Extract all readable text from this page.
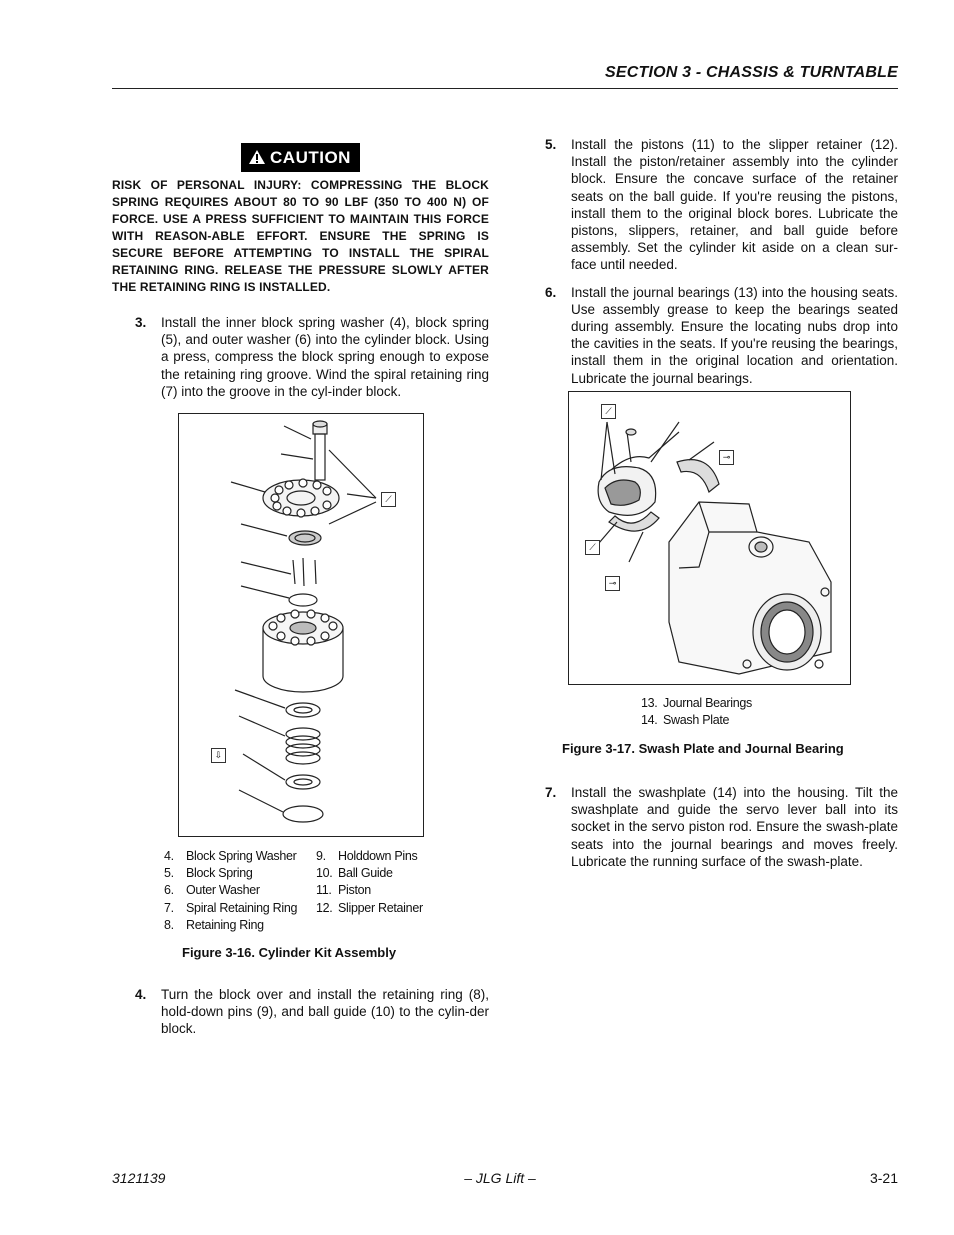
SECTION 3 - CHASSIS & TURNTABLE
CAUTION
RISK OF PERSONAL INJURY: COMPRESSING THE BLOCK SPRING REQUIRES ABOUT 80 TO 90 LBF (350 TO 400 N) OF FORCE. USE A PRESS SUFFICIENT TO MAINTAIN THIS FORCE WITH REASON-ABLE EFFORT. ENSURE THE SPRING IS SECURE BEFORE ATTEMPTING TO INSTALL THE SPIRAL RETAINING RING. RELEASE THE PRESSURE SLOWLY AFTER THE RETAINING RING IS INSTALLED.
3. Install the inner block spring washer (4), block spring (5), and outer washer (6) into the cylinder block. Using a press, compress the block spring enough to expose the retaining ring groove. Wind the spiral retaining ring (7) into the groove in the cyl-inder block.
⟋
⇩
4. Block Spring Washer
5. Block Spring
6. Outer Washer
7. Spiral Retaining Ring
8. Retaining Ring
9. Holddown Pins
10. Ball Guide
11. Piston
12. Slipper Retainer
Figure 3-16. Cylinder Kit Assembly
4. Turn the block over and install the retaining ring (8), hold-down pins (9), and ball guide (10) to the cylin-der block.
5. Install the pistons (11) to the slipper retainer (12). Install the piston/retainer assembly into the cylinder block. Ensure the concave surface of the retainer seats on the ball guide. If you're reusing the pistons, install them to the original block bores. Lubricate the pistons, slippers, retainer, and ball guide before assembly. Set the cylinder kit aside on a clean sur-face until needed.
6. Install the journal bearings (13) into the housing seats. Use assembly grease to keep the bearings seated during assembly. Ensure the locating nubs drop into the cavities in the seats. If you're reusing the bearings, install them in the original location and orientation. Lubricate the journal bearings.
⟋
⟋
⊸
⊸
13. Journal Bearings
14. Swash Plate
Figure 3-17. Swash Plate and Journal Bearing
7. Install the swashplate (14) into the housing. Tilt the swashplate and guide the servo lever ball into its socket in the servo piston rod. Ensure the swash-plate seats into the journal bearings and moves freely. Lubricate the running surface of the swash-plate.
3121139	– JLG Lift –	3-21
